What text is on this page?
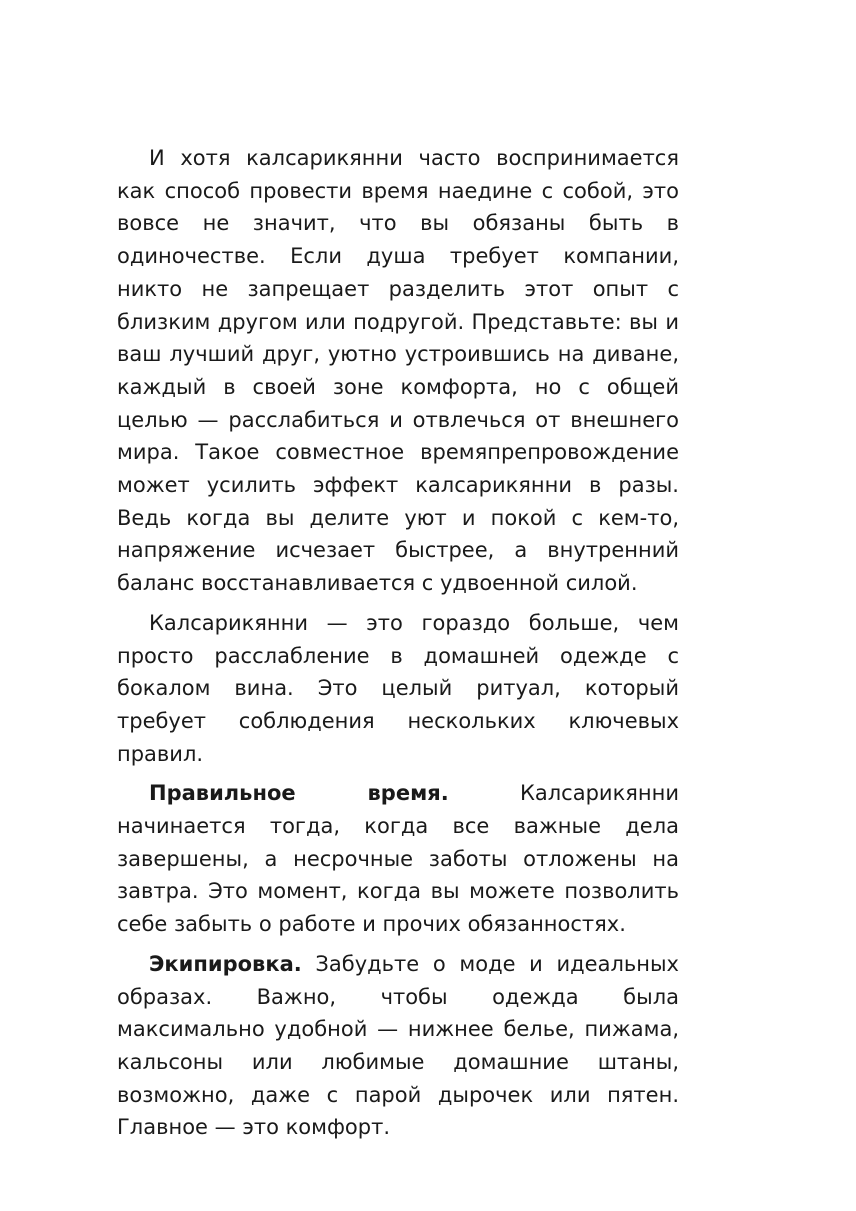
И хотя калсарикянни часто воспринимается как способ провести время наедине с собой, это вовсе не значит, что вы обязаны быть в одиночестве. Если душа требует компании, никто не запрещает разделить этот опыт с близким другом или подругой. Представьте: вы и ваш лучший друг, уютно устроившись на диване, каждый в своей зоне комфорта, но с общей целью — расслабиться и отвлечься от внешнего мира. Такое совместное времяпрепровождение может усилить эффект калсарикянни в разы. Ведь когда вы делите уют и покой с кем-то, напряжение исчезает быстрее, а внутренний баланс восстанавливается с удвоенной силой.

Калсарикянни — это гораздо больше, чем просто расслабление в домашней одежде с бокалом вина. Это целый ритуал, который требует соблюдения нескольких ключевых правил.

Правильное время. Калсарикянни начинается тогда, когда все важные дела завершены, а несрочные заботы отложены на завтра. Это момент, когда вы можете позволить себе забыть о работе и прочих обязанностях.

Экипировка. Забудьте о моде и идеальных образах. Важно, чтобы одежда была максимально удобной — нижнее белье, пижама, кальсоны или любимые домашние штаны, возможно, даже с парой дырочек или пятен. Главное — это комфорт.
